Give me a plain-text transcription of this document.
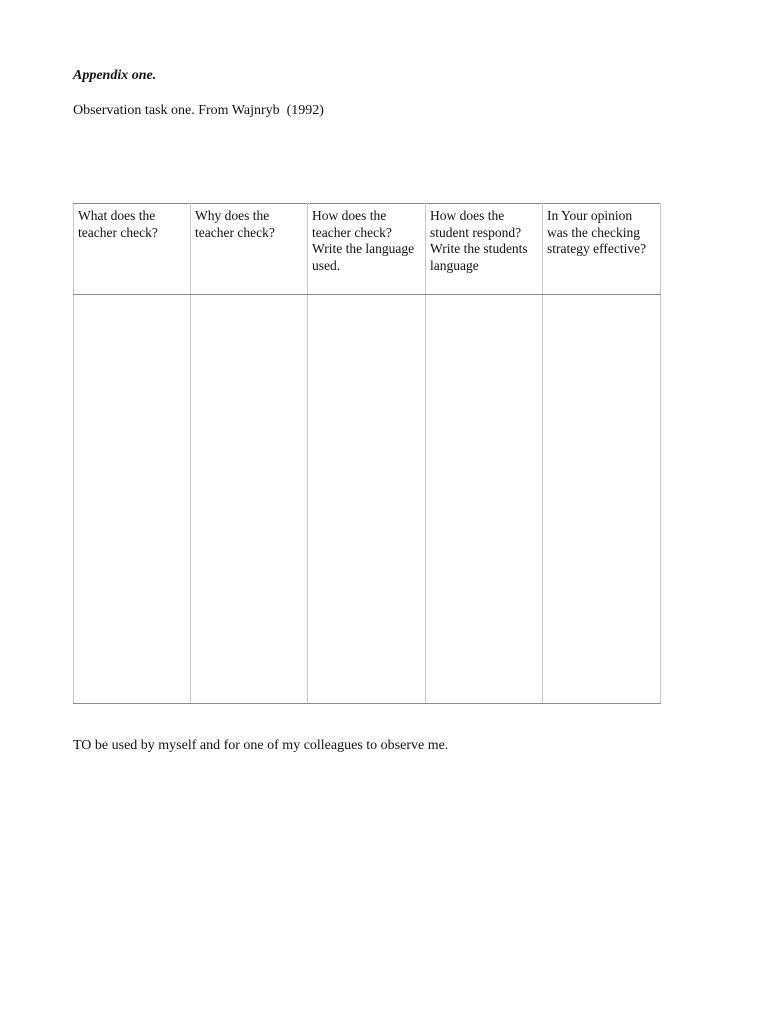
Appendix one.

Observation task one. From Wajnryb  (1992)

What does the teacher check?	Why does the teacher check?	How does the teacher check? Write the language used.	How does the student respond? Write the students language	In Your opinion was the checking strategy effective?

TO be used by myself and for one of my colleagues to observe me.
